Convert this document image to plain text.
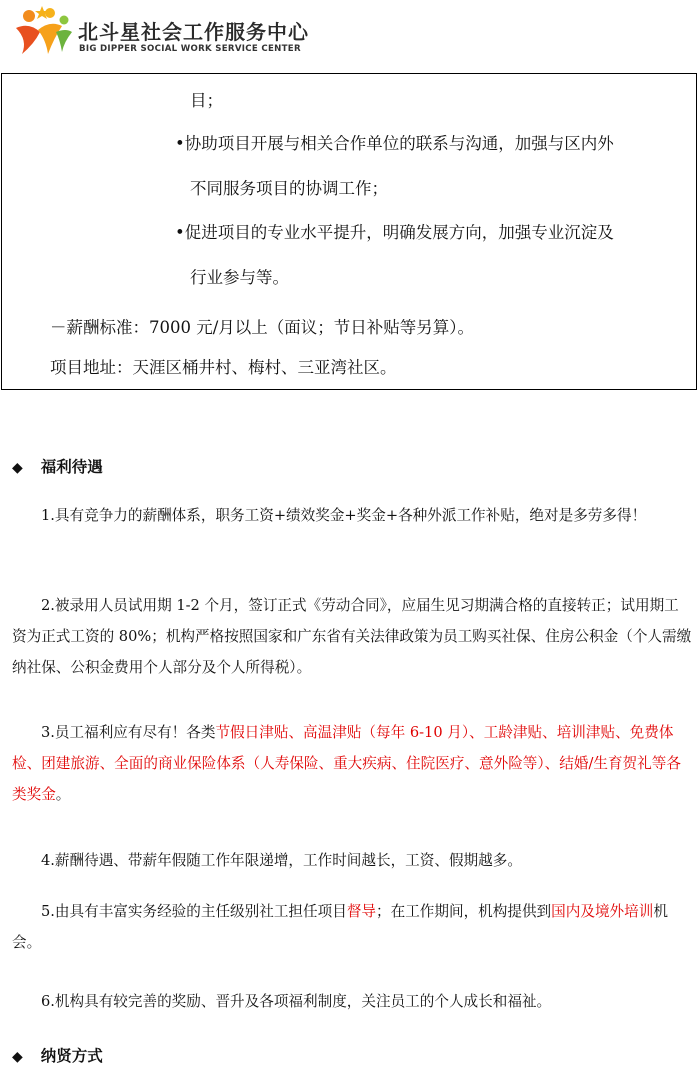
北斗星社会工作服务中心
BIG DIPPER SOCIAL WORK SERVICE CENTER

目；

•协助项目开展与相关合作单位的联系与沟通，加强与区内外

不同服务项目的协调工作；

•促进项目的专业水平提升，明确发展方向，加强专业沉淀及

行业参与等。

－薪酬标准：7000 元/月以上（面议；节日补贴等另算）。

项目地址：天涯区桶井村、梅村、三亚湾社区。

◆ 福利待遇

1.具有竞争力的薪酬体系，职务工资+绩效奖金+奖金+各种外派工作补贴，绝对是多劳多得！

2.被录用人员试用期 1-2 个月，签订正式《劳动合同》，应届生见习期满合格的直接转正；试用期工资为正式工资的 80%；机构严格按照国家和广东省有关法律政策为员工购买社保、住房公积金（个人需缴纳社保、公积金费用个人部分及个人所得税）。

3.员工福利应有尽有！各类节假日津贴、高温津贴（每年 6-10 月）、工龄津贴、培训津贴、免费体检、团建旅游、全面的商业保险体系（人寿保险、重大疾病、住院医疗、意外险等）、结婚/生育贺礼等各类奖金。

4.薪酬待遇、带薪年假随工作年限递增，工作时间越长，工资、假期越多。

5.由具有丰富实务经验的主任级别社工担任项目督导；在工作期间，机构提供到国内及境外培训机会。

6.机构具有较完善的奖励、晋升及各项福利制度，关注员工的个人成长和福祉。

◆ 纳贤方式
